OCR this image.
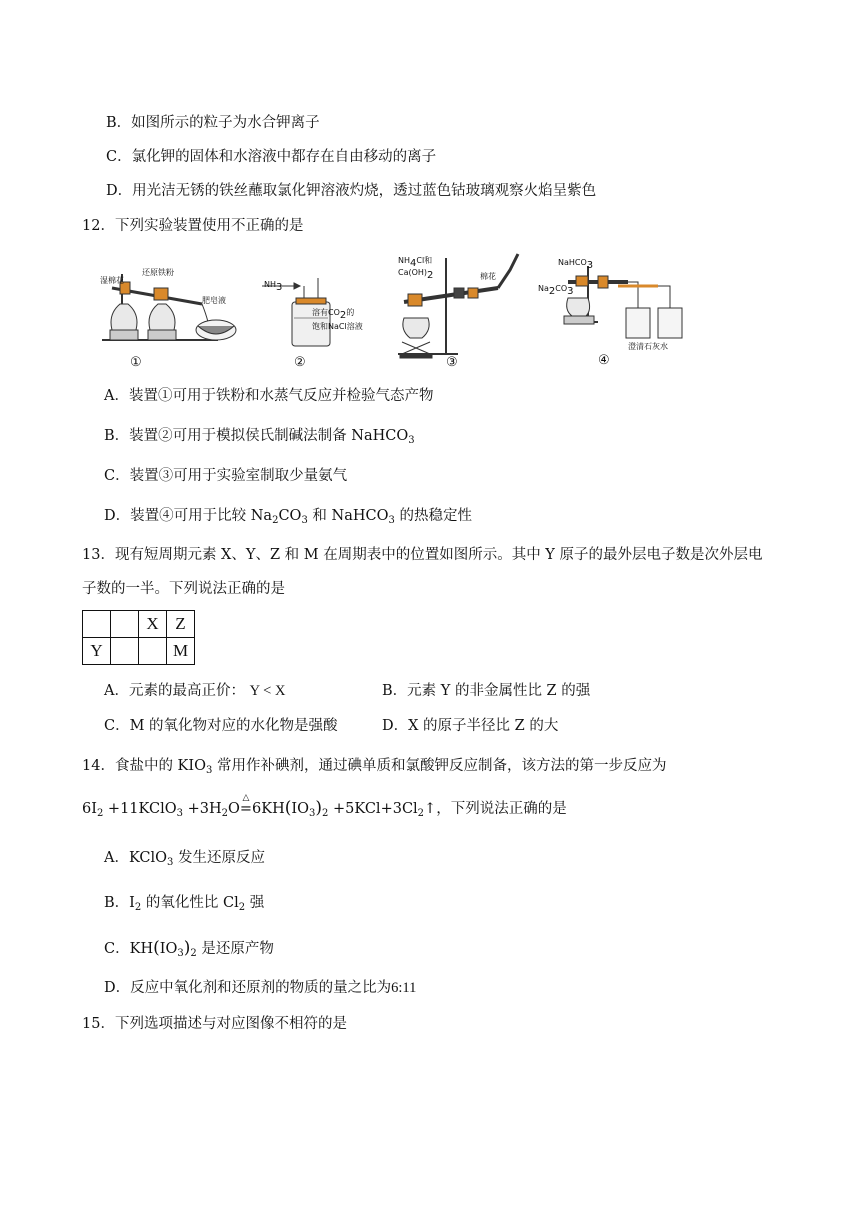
B．如图所示的粒子为水合钾离子
C．氯化钾的固体和水溶液中都存在自由移动的离子
D．用光洁无锈的铁丝蘸取氯化钾溶液灼烧，透过蓝色钴玻璃观察火焰呈紫色
12．下列实验装置使用不正确的是
湿棉花
还原铁粉
肥皂液
$NH_3$
溶有$CO_2$的
饱和NaCl溶液
$NH_4Cl$和
$Ca(OH)_2$	棉花
NaHCO$_3$
$Na_2CO_3$
澄清石灰水
①	②	③	④
A．装置①可用于铁粉和水蒸气反应并检验气态产物
B．装置②可用于模拟侯氏制碱法制备 NaHCO$_3$
C．装置③可用于实验室制取少量氨气
D．装置④可用于比较 $Na_2CO_3$ 和 NaHCO$_3$ 的热稳定性
13．现有短周期元素 X、Y、Z 和 M 在周期表中的位置如图所示。其中 Y 原子的最外层电子数是次外层电
子数的一半。下列说法正确的是
		X	Z
Y			M
A．元素的最高正价： Y < X	B．元素 Y 的非金属性比 Z 的强
C．M 的氧化物对应的水化物是强酸	D．X 的原子半径比 Z 的大
14．食盐中的 $KIO_3$ 常用作补碘剂，通过碘单质和氯酸钾反应制备，该方法的第一步反应为
$6I_2$ +11KClO$_3$ $+3H_2O$
△
$=6KH(IO_3)_2$ $+5KCl+3Cl_2↑$，下列说法正确的是
A．KClO$_3$ 发生还原反应
B．$I_2$ 的氧化性比 $Cl_2$ 强
C．$KH(IO_3)_2$ 是还原产物
D．反应中氧化剂和还原剂的物质的量之比为6:11
15．下列选项描述与对应图像不相符的是
